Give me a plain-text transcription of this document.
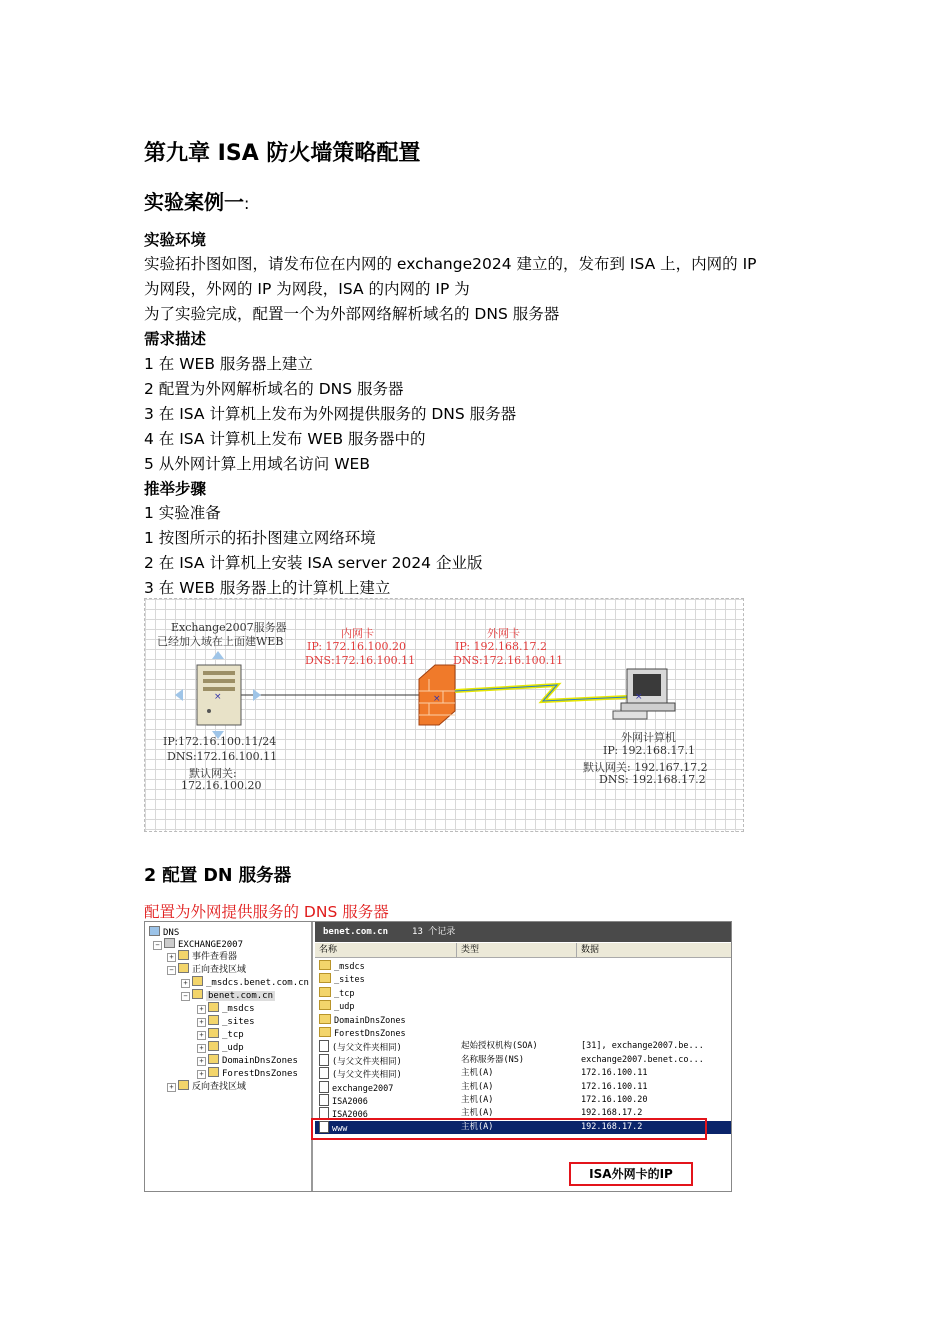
第九章 ISA 防火墙策略配置
实验案例一:
实验环境
实验拓扑图如图，请发布位在内网的 exchange2024 建立的，发布到 ISA 上，内网的 IP
为网段，外网的 IP 为网段，ISA 的内网的 IP 为
为了实验完成，配置一个为外部网络解析域名的 DNS 服务器
需求描述
1 在 WEB 服务器上建立
2 配置为外网解析域名的 DNS 服务器
3 在 ISA 计算机上发布为外网提供服务的 DNS 服务器
4 在 ISA 计算机上发布 WEB 服务器中的
5 从外网计算上用域名访问 WEB
推举步骤
1 实验准备
1 按图所示的拓扑图建立网络环境
2 在 ISA 计算机上安装 ISA server 2024 企业版
3 在 WEB 服务器上的计算机上建立
×	×	×
Exchange2007服务器
已经加入域在上面建WEB
内网卡
IP: 172.16.100.20
DNS:172.16.100.11
外网卡
IP: 192.168.17.2
DNS:172.16.100.11
IP:172.16.100.11/24
DNS:172.16.100.11
默认网关:
172.16.100.20
外网计算机
IP: 192.168.17.1
默认网关: 192.167.17.2
DNS: 192.168.17.2
2 配置 DN 服务器
配置为外网提供服务的 DNS 服务器
DNS
− EXCHANGE2007
+ 事件查看器
− 正向查找区域
+ _msdcs.benet.com.cn
− benet.com.cn
+ _msdcs
+ _sites
+ _tcp
+ _udp
+ DomainDnsZones
+ ForestDnsZones
+ 反向查找区域
benet.com.cn	13 个记录
名称	类型	数据
_msdcs
_sites
_tcp
_udp
DomainDnsZones
ForestDnsZones
(与父文件夹相同)	起始授权机构(SOA)	[31], exchange2007.be...
(与父文件夹相同)	名称服务器(NS)	exchange2007.benet.co...
(与父文件夹相同)	主机(A)	172.16.100.11
exchange2007	主机(A)	172.16.100.11
ISA2006	主机(A)	172.16.100.20
ISA2006	主机(A)	192.168.17.2
www	主机(A)	192.168.17.2
ISA外网卡的IP
